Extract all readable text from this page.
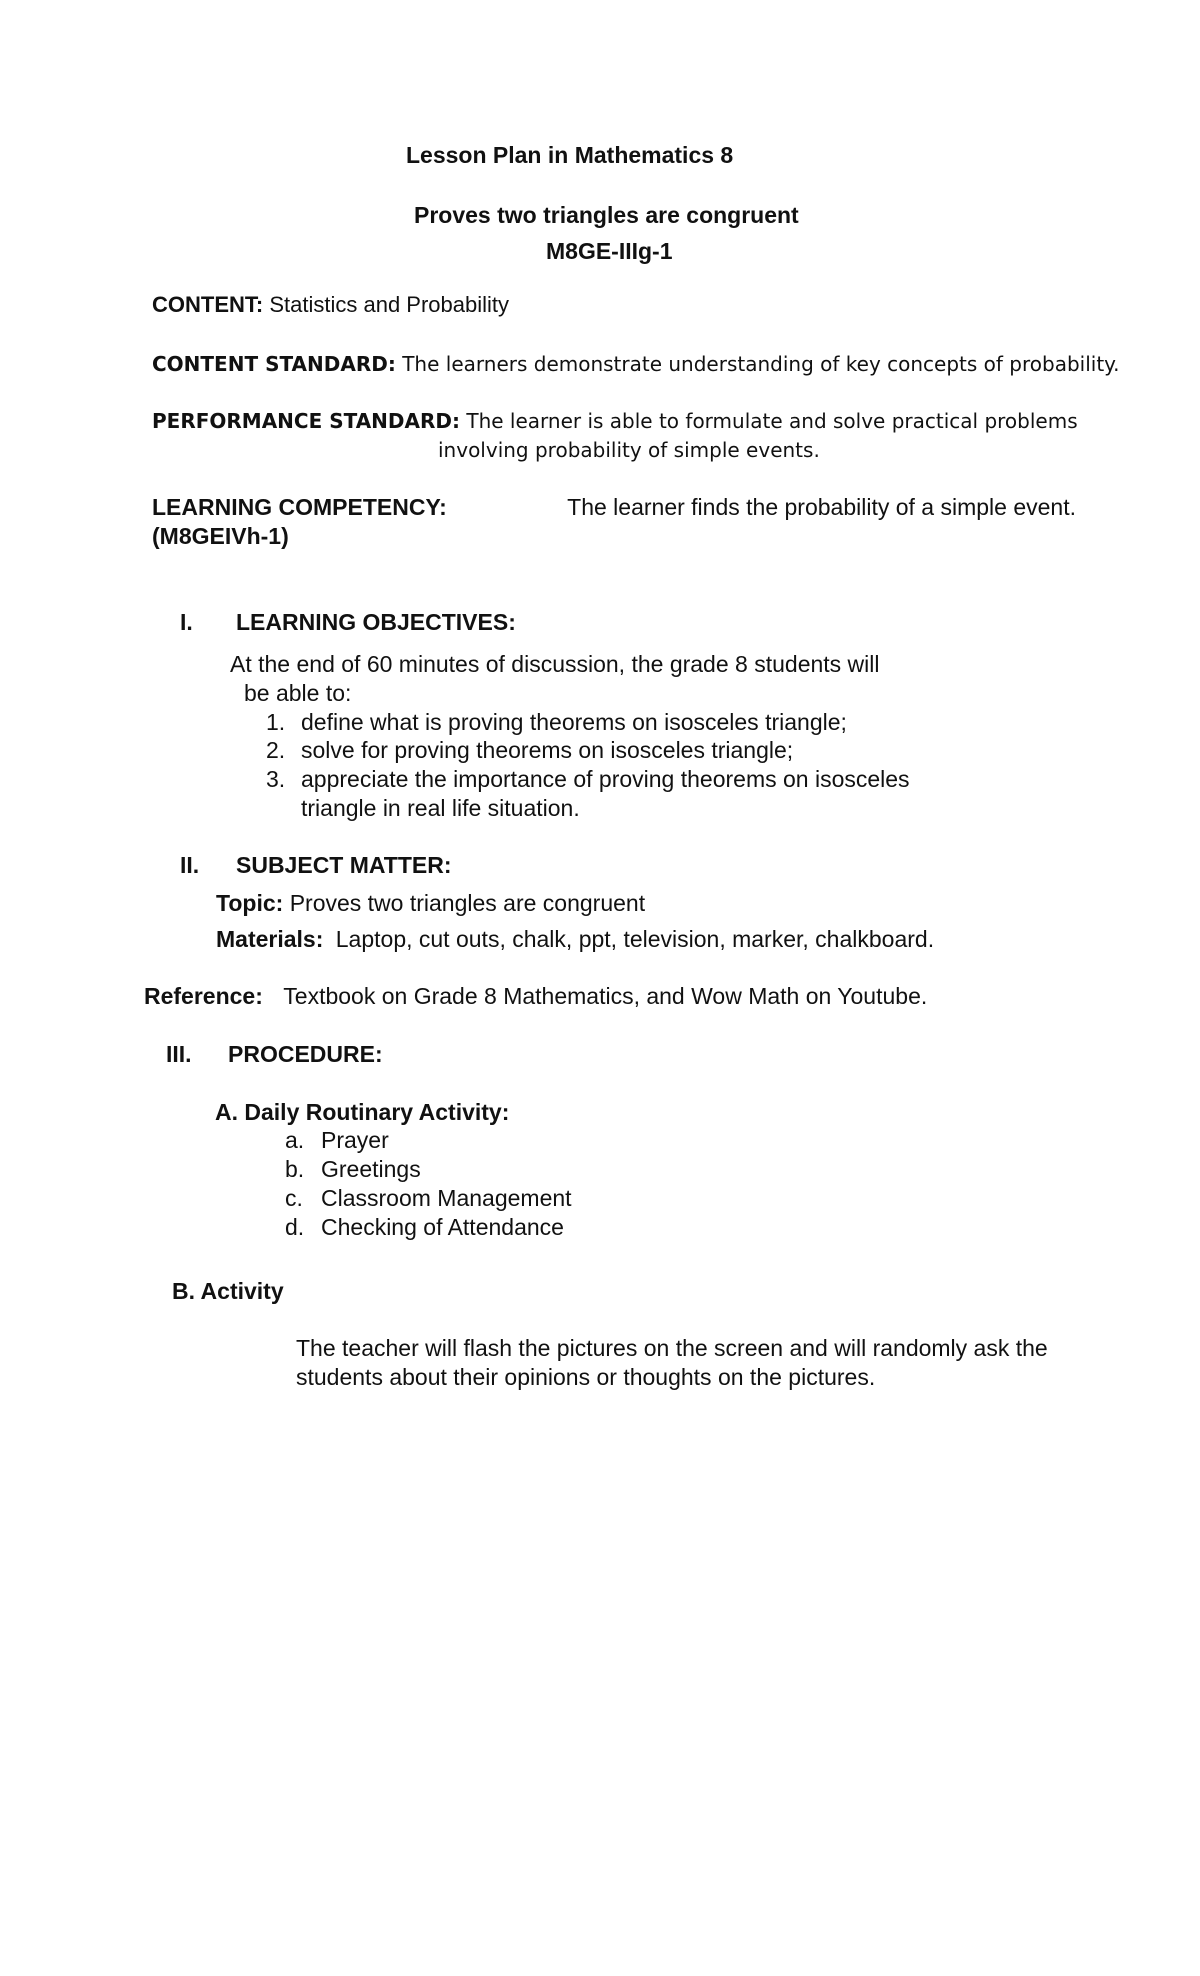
Lesson Plan in Mathematics 8
Proves two triangles are congruent
M8GE-IIIg-1
CONTENT: Statistics and Probability
CONTENT STANDARD: The learners demonstrate understanding of key concepts of probability.
PERFORMANCE STANDARD: The learner is able to formulate and solve practical problems
involving probability of simple events.
LEARNING COMPETENCY:	The learner finds the probability of a simple event.
(M8GEIVh-1)
I. LEARNING OBJECTIVES:
At the end of 60 minutes of discussion, the grade 8 students will
be able to:
1. define what is proving theorems on isosceles triangle;
2. solve for proving theorems on isosceles triangle;
3. appreciate the importance of proving theorems on isosceles
triangle in real life situation.
II. SUBJECT MATTER:
Topic: Proves two triangles are congruent
Materials: Laptop, cut outs, chalk, ppt, television, marker, chalkboard.
Reference: Textbook on Grade 8 Mathematics, and Wow Math on Youtube.
III. PROCEDURE:
A. Daily Routinary Activity:
a. Prayer
b. Greetings
c. Classroom Management
d. Checking of Attendance
B. Activity
The teacher will flash the pictures on the screen and will randomly ask the
students about their opinions or thoughts on the pictures.
